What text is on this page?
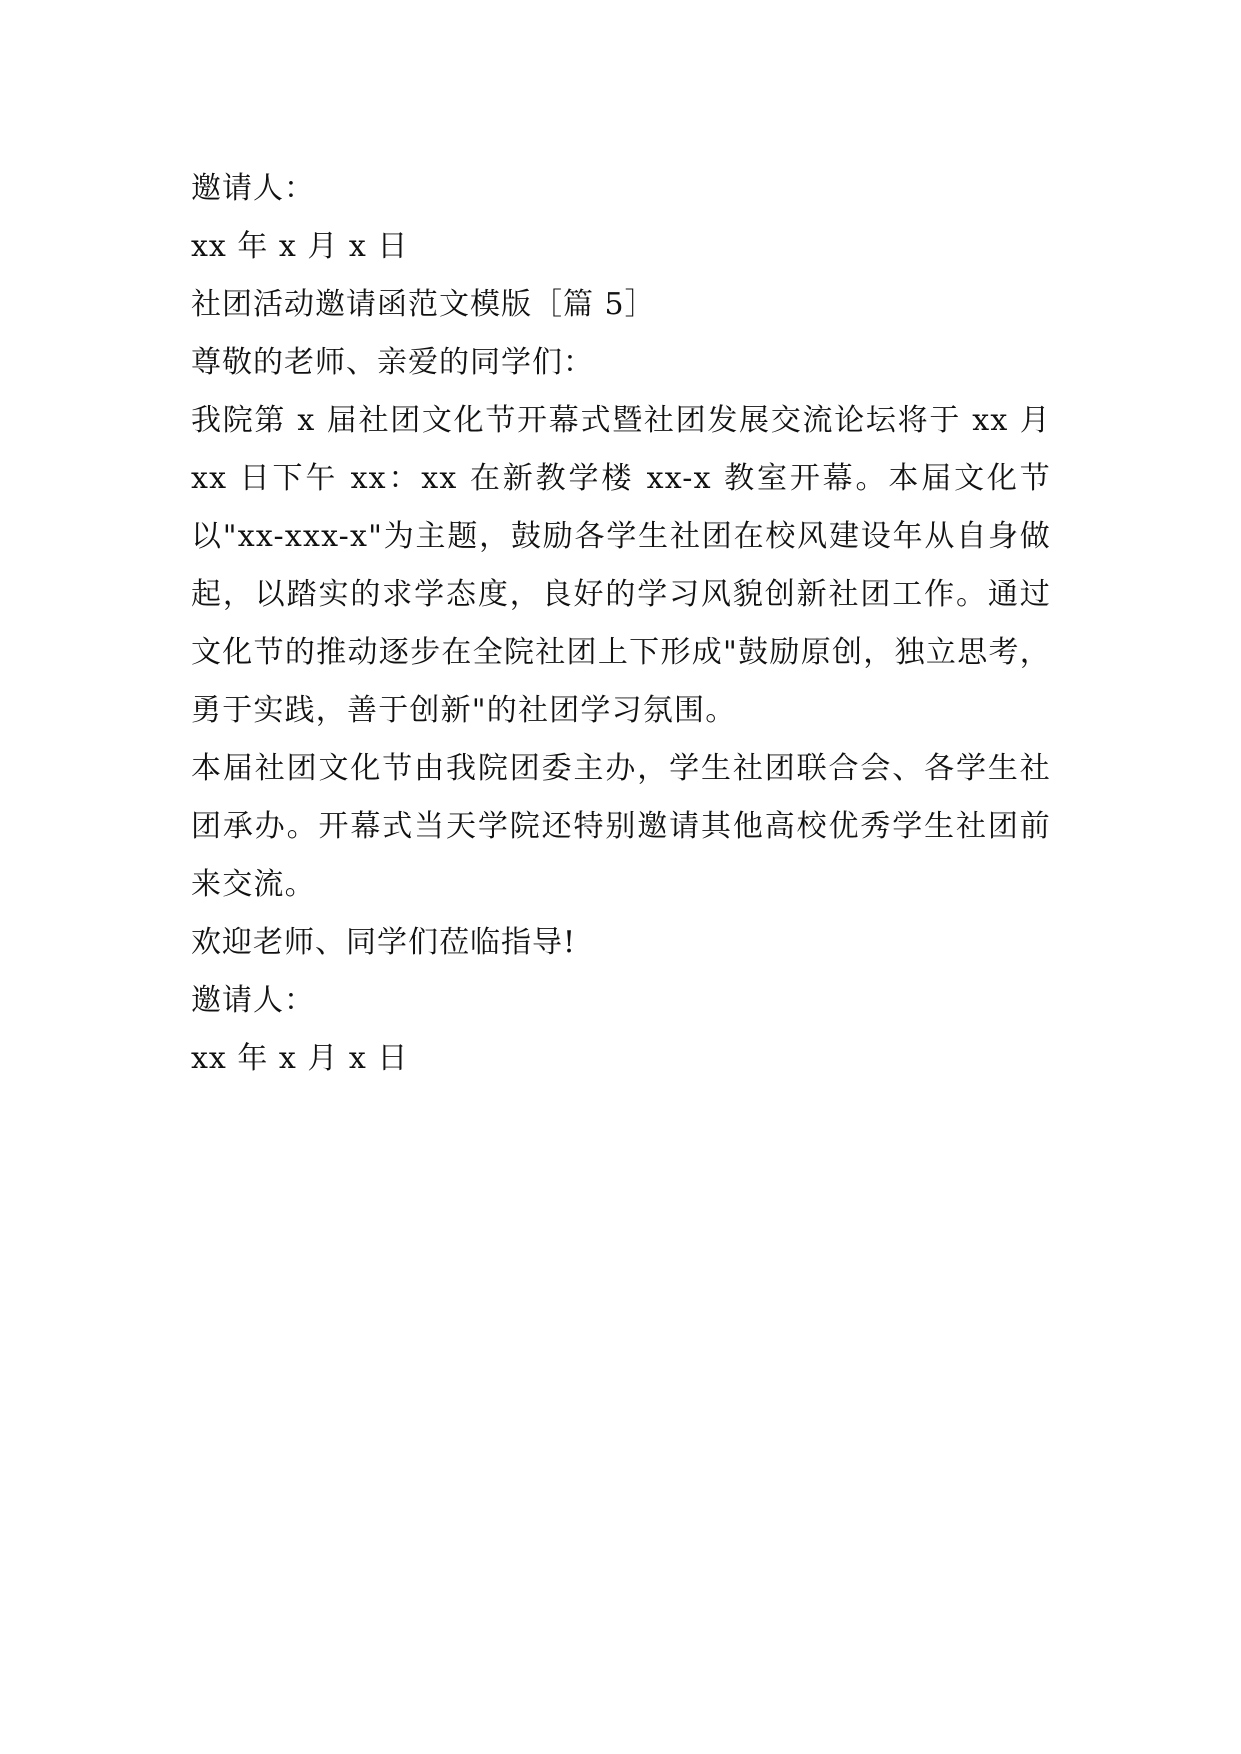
邀请人：
xx 年 x 月 x 日
社团活动邀请函范文模版［篇 5］
尊敬的老师、亲爱的同学们：
我院第 x 届社团文化节开幕式暨社团发展交流论坛将于 xx 月 xx 日下午 xx：xx 在新教学楼 xx-x 教室开幕。本届文化节以"xx-xxx-x"为主题，鼓励各学生社团在校风建设年从自身做起，以踏实的求学态度，良好的学习风貌创新社团工作。通过文化节的推动逐步在全院社团上下形成"鼓励原创，独立思考，勇于实践，善于创新"的社团学习氛围。
本届社团文化节由我院团委主办，学生社团联合会、各学生社团承办。开幕式当天学院还特别邀请其他高校优秀学生社团前来交流。
欢迎老师、同学们莅临指导!
邀请人：
xx 年 x 月 x 日
